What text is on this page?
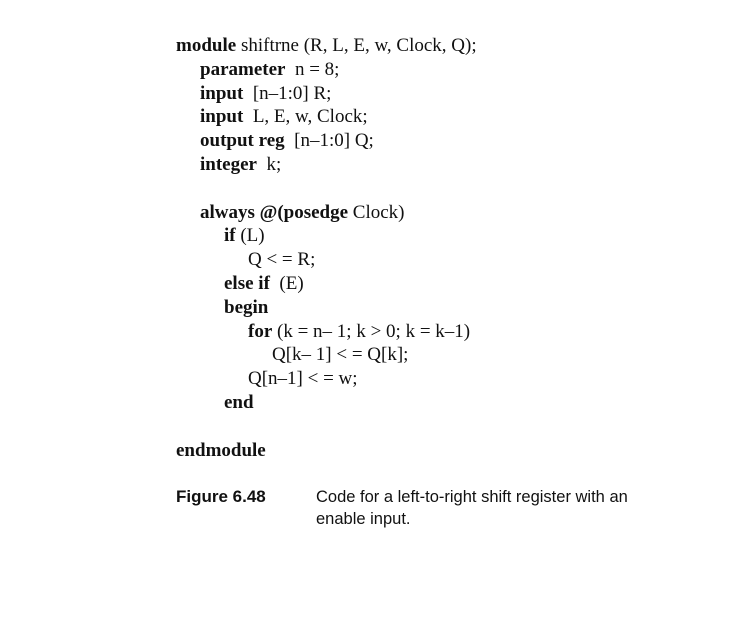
module shiftrne (R, L, E, w, Clock, Q);
parameter  n = 8;
input  [n–1:0] R;
input  L, E, w, Clock;
output reg  [n–1:0] Q;
integer  k;
always @(posedge Clock)
if (L)
Q < = R;
else if  (E)
begin
for (k = n– 1; k > 0; k = k–1)
Q[k– 1] < = Q[k];
Q[n–1] < = w;
end
endmodule
Figure 6.48	Code for a left-to-right shift register with an enable input.
